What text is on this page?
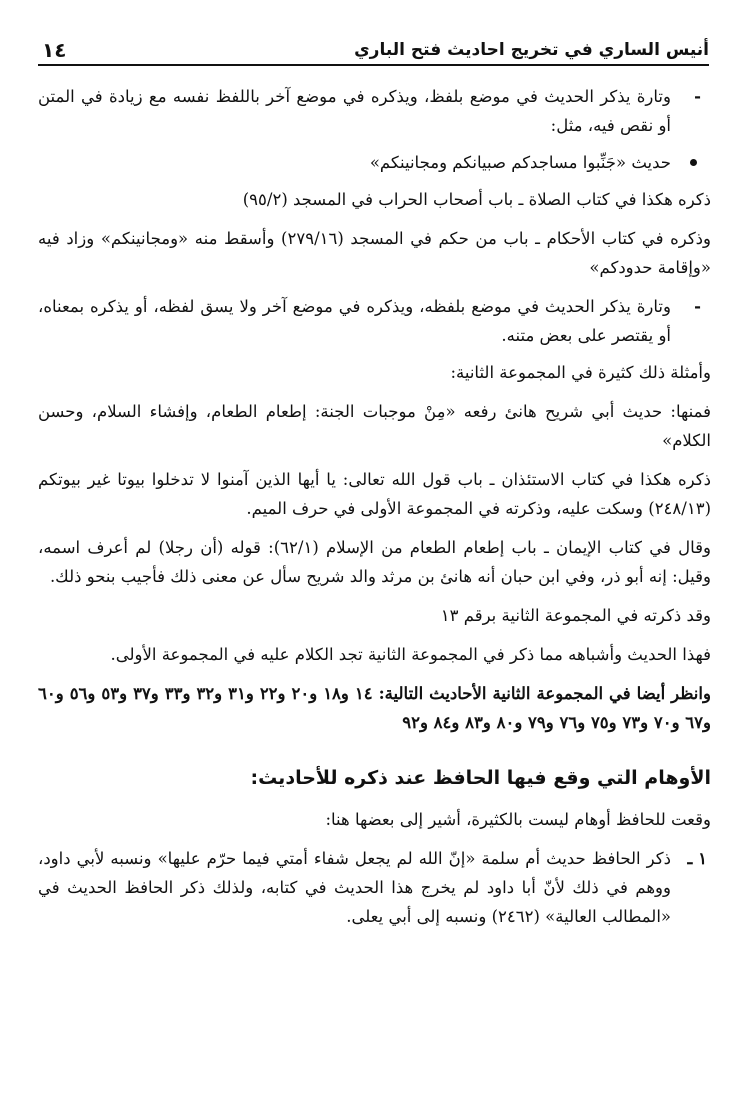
أنيس الساري في تخريج احاديث فتح الباري
١٤
-
وتارة يذكر الحديث في موضع بلفظ، ويذكره في موضع آخر باللفظ نفسه مع زيادة في المتن أو نقص فيه، مثل:
حديث «جَنِّبوا مساجدكم صبيانكم ومجانينكم»

ذكره هكذا في كتاب الصلاة ـ باب أصحاب الحراب في المسجد (٩٥/٢)

وذكره في كتاب الأحكام ـ باب من حكم في المسجد (٢٧٩/١٦) وأسقط منه «ومجانينكم» وزاد فيه «وإقامة حدودكم»

-
وتارة يذكر الحديث في موضع بلفظه، ويذكره في موضع آخر ولا يسق لفظه، أو يذكره بمعناه، أو يقتصر على بعض متنه.

وأمثلة ذلك كثيرة في المجموعة الثانية:

فمنها: حديث أبي شريح هانئ رفعه «مِنْ موجبات الجنة: إطعام الطعام، وإفشاء السلام، وحسن الكلام»

ذكره هكذا في كتاب الاستئذان ـ باب قول الله تعالى: يا أيها الذين آمنوا لا تدخلوا بيوتا غير بيوتكم (٢٤٨/١٣) وسكت عليه، وذكرته في المجموعة الأولى في حرف الميم.

وقال في كتاب الإيمان ـ باب إطعام الطعام من الإسلام (٦٢/١): قوله (أن رجلا) لم أعرف اسمه، وقيل: إنه أبو ذر، وفي ابن حبان أنه هانئ بن مرثد والد شريح سأل عن معنى ذلك فأجيب بنحو ذلك.

وقد ذكرته في المجموعة الثانية برقم ١٣

فهذا الحديث وأشباهه مما ذكر في المجموعة الثانية تجد الكلام عليه في المجموعة الأولى.

وانظر أيضا في المجموعة الثانية الأحاديث التالية: ١٤ و١٨ و٢٠ و٢٢ و٣١ و٣٢ و٣٣ و٣٧ و٥٣ و٥٦ و٦٠ و٦٧ و٧٠ و٧٣ و٧٥ و٧٦ و٧٩ و٨٠ و٨٣ و٨٤ و٩٢

الأوهام التي وقع فيها الحافظ عند ذكره للأحاديث:

وقعت للحافظ أوهام ليست بالكثيرة، أشير إلى بعضها هنا:

١ ـ
ذكر الحافظ حديث أم سلمة «إنّ الله لم يجعل شفاء أمتي فيما حرّم عليها» ونسبه لأبي داود، ووهم في ذلك لأنّ أبا داود لم يخرج هذا الحديث في كتابه، ولذلك ذكر الحافظ الحديث في «المطالب العالية» (٢٤٦٢) ونسبه إلى أبي يعلى.
